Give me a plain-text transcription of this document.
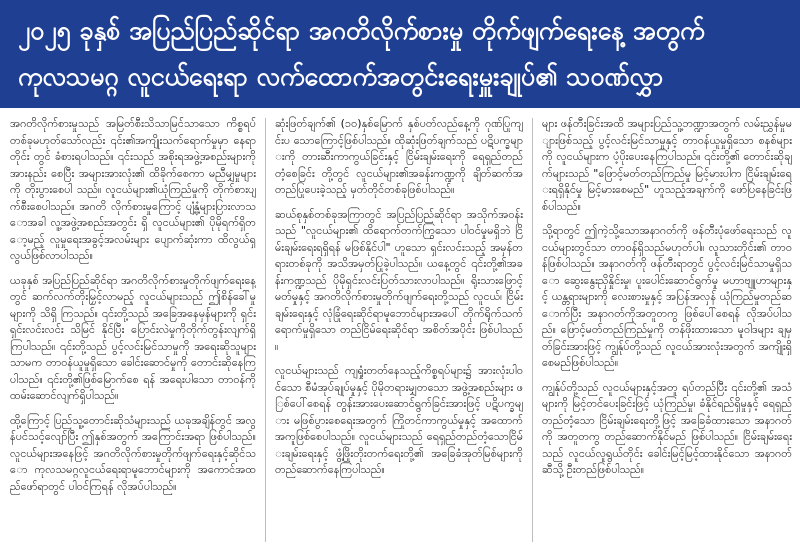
၂၀၂၅ ခုနှစ် အပြည်ပြည်ဆိုင်ရာ အဂတိလိုက်စားမှု တိုက်ဖျက်ရေးနေ့ အတွက်
ကုလသမဂ္ဂ လူငယ်ရေးရာ လက်ထောက်အတွင်းရေးမှူးချုပ်၏ သဝဏ်လွှာ

အဂတိလိုက်စားမှုသည် အမြတ်စီးသိသာမြင်သာသော ကိစ္စရပ် တစ်ခုမဟုတ်သော်လည်း ၎င်း၏အကျိုးသက်ရောက်မှုမှာ နေရာတိုင်း တွင် ခံစားရပါသည်။ ၎င်းသည် အစိုးရအဖွဲ့အစည်းများကို အားနည်း စေပြီး အများအားလုံး၏ ထိခိုက်စေကာ မညီမျှမှုများကို တိုးပွားစေပါ သည်။ လူငယ်များ၏ယုံကြည်မှုကို တိုက်စားပျက်စီးစေပါသည်။ အဂတိ လိုက်စားမှုကြောင့် ပျံ့နှံ့များပြားလာသောအခါ လူ့အဖွဲ့အစည်းအတွင်း ရှိ လူငယ်များ၏ ပိုမိုရက်ရှိတော့မည့် လူမှုရေးအခွင့်အလမ်းများ ပျောက်ဆုံးကာ ထိလွယ်ရှလွယ်ဖြစ်လာပါသည်။

ယခုနှစ် အပြည်ပြည်ဆိုင်ရာ အဂတိလိုက်စားမှုတိုက်ဖျက်ရေးနေ့ တွင် ဆက်လက်တိုးမြှင့်လာမည့် လူငယ်များသည် ဤစိန်ခေါ်မှုများကို သိရှိ ကြသည်။ ၎င်းတို့သည် အခြေအနေမှန်များကို ရှင်းရှင်းလင်းလင်း သိမြင် နိုင်ပြီး ပြောင်းလဲမှုကိုတိုက်တွန်းလျက်ရှိကြပါသည်။ ၎င်းတို့သည် ပွင့်လင်းမြင်သာမှုကို အရေးဆိုသူများသာမက တာဝန်ယူမှုရှိသော ခေါင်းဆောင်မှုကို တောင်းဆိုနေကြပါသည်။ ၎င်းတို့၏ဖြစ်မြောက်စေ ရန် အရေးပါသော တာဝန်ကို ထမ်းဆောင်လျက်ရှိပါသည်။

ထို့ကြောင့် ပြည်သူ့တောင်းဆိုသံများသည် ယခုအချိန်တွင် အလွန်ပင်သင့်လျော်ပြီး ဤနှစ်အတွက် အကြောင်းအရာ ဖြစ်ပါသည်။ လူငယ်များအနေဖြင့် အဂတိလိုက်စားမှုတိုက်ဖျက်ရေးနှင့်ဆိုင်သော ကုလသမဂ္ဂလူငယ်ရေးရာမူဘောင်များကို အကောင်အထည်ဖော်ရာတွင် ပါဝင်ကြရန် လိုအပ်ပါသည်။

ဆုံးဖြတ်ချက်၏ (၁၀)နှစ်မြောက် နှစ်ပတ်လည်နေ့ကို ဂုဏ်ပြုကျင်းပ သောကြောင့်ဖြစ်ပါသည်။ ထိုဆုံးဖြတ်ချက်သည် ပဋိပက္ခများကို တားဆီးကာကွယ်ခြင်းနှင့် ငြိမ်းချမ်းရေးကို ရေရှည်တည်တံ့စေခြင်း တို့တွင် လူငယ်များ၏အခန်းကဏ္ဍကို ချိတ်ဆက်အတည်ပြုပေးခဲ့သည့် မှတ်တိုင်တစ်ခုဖြစ်ပါသည်။

ဆယ်စုနှစ်တစ်ခုအကြာတွင် အပြည်ပြည်ဆိုင်ရာ အသိုက်အဝန်းသည် "လူငယ်များ၏ ထိရောက်တက်ကြွသော ပါဝင်မှုမရှိဘဲ ငြိမ်းချမ်းရေးရရှိရန် မဖြစ်နိုင်ပါ" ဟူသော ရှင်းလင်းသည့် အမှန်တရားတစ်ခုကို အသိအမှတ်ပြုခဲ့ပါသည်။ ယနေ့တွင် ၎င်းတို့၏အခန်းကဏ္ဍသည် ပိုမိုရှင်းလင်းပြတ်သားလာပါသည်။ ရိုးသားဖြောင့်မတ်မှုနှင့် အဂတိလိုက်စားမှုတိုက်ဖျက်ရေးတို့သည် လူငယ်၊ ငြိမ်းချမ်းရေးနှင့် လုံခြုံရေးဆိုင်ရာမူဘောင်များအပေါ် တိုက်ရိုက်သက်ရောက်မှုရှိသော တည်ငြိမ်ရေးဆိုင်ရာ အစိတ်အပိုင်း ဖြစ်ပါသည်။

လူငယ်များသည် ကျရှုံးတတ်နေသည့်ကိစ္စရပ်များ၌ အားလုံးပါဝင်သော စီမံအုပ်ချုပ်မှုနှင့် ပိုမိုတရားမျှတသော အဖွဲ့အစည်းများ ဖြစ်ပေါ်စေရန် တွန်းအားပေးဆောင်ရွက်ခြင်းအားဖြင့် ပဋိပက္ခများ မဖြစ်ပွားစေရေးအတွက် ကြိုတင်ကာကွယ်မှုနှင့် အထောက်အကူဖြစ်စေပါသည်။ လူငယ်များသည် ရေရှည်တည်တံ့သောငြိမ်းချမ်းရေးနှင့် ဖွံ့ဖြိုးတိုးတက်ရေးတို့၏ အခြေခံအုတ်မြစ်များကို တည်ဆောက်နေကြပါသည်။

များ ဖန်တီးခြင်းအထိ အများပြည်သူ့ဘဏ္ဍာအတွက် လမ်းညွှန်မှုများဖြစ်သည့် ပွင့်လင်းမြင်သာမှုနှင့် တာဝန်ယူမှုရှိသော စနစ်များကို လူငယ်များက ပံ့ပိုးပေးနေကြပါသည်။ ၎င်းတို့၏ တောင်းဆိုချက်များသည် "ဖြောင့်မတ်တည်ကြည်မှု မြင့်မားပါက ငြိမ်းချမ်းရေးရရှိနိုင်မှု မြင့်မားစေမည်" ဟူသည့်အချက်ကို ဖော်ပြနေခြင်းဖြစ်ပါသည်။

သို့ရာတွင် ဤကဲ့သို့သောအနာဂတ်ကို ဖန်တီးပုံဖော်ရေးသည် လူငယ်များတွင်သာ တာဝန်ရှိသည်မဟုတ်ပါ။ လူသားတိုင်း၏ တာဝန်ဖြစ်ပါသည်။ အနာဂတ်ကို ဖန်တီးရာတွင် ပွင့်လင်းမြင်သာမှုရှိသော ဆွေးနွေးညှိနှိုင်းမှု၊ ပူးပေါင်းဆောင်ရွက်မှု မဟာဗျူဟာများနှင့် ယန္တရားများကို လေးစားမှုနှင့် အပြန်အလှန် ယုံကြည်မှုတည်ဆောက်ပြီး အနာဂတ်ကိုအတူတကွ ဖြစ်ပေါ်စေရန် လိုအပ်ပါသည်။ ဖြောင့်မတ်တည်ကြည်မှုကို တန်ဖိုးထားသော မူဝါဒများ ချမှတ်ခြင်းအားဖြင့် ကျွန်ုပ်တို့သည် လူငယ်အားလုံးအတွက် အကျိုးရှိစေမည်ဖြစ်ပါသည်။

ကျွန်ုပ်တို့သည် လူငယ်များနှင့်အတူ ရပ်တည်ပြီး ၎င်းတို့၏ အသံများကို မြင့်တင်ပေးခြင်းဖြင့် ယုံကြည်မှု၊ ခံနိုင်ရည်ရှိမှုနှင့် ရေရှည်တည်တံ့သော ငြိမ်းချမ်းရေးတို့ဖြင့် အခြေခံထားသော အနာဂတ်ကို အတူတကွ တည်ဆောက်နိုင်မည် ဖြစ်ပါသည်။ ငြိမ်းချမ်းရေးသည် လူငယ်လူရွယ်တိုင်း ခေါင်းမြင့်မြင့်ထားနိုင်သော အနာဂတ်ဆီသို့ ဦးတည်ဖြစ်ပါသည်။
